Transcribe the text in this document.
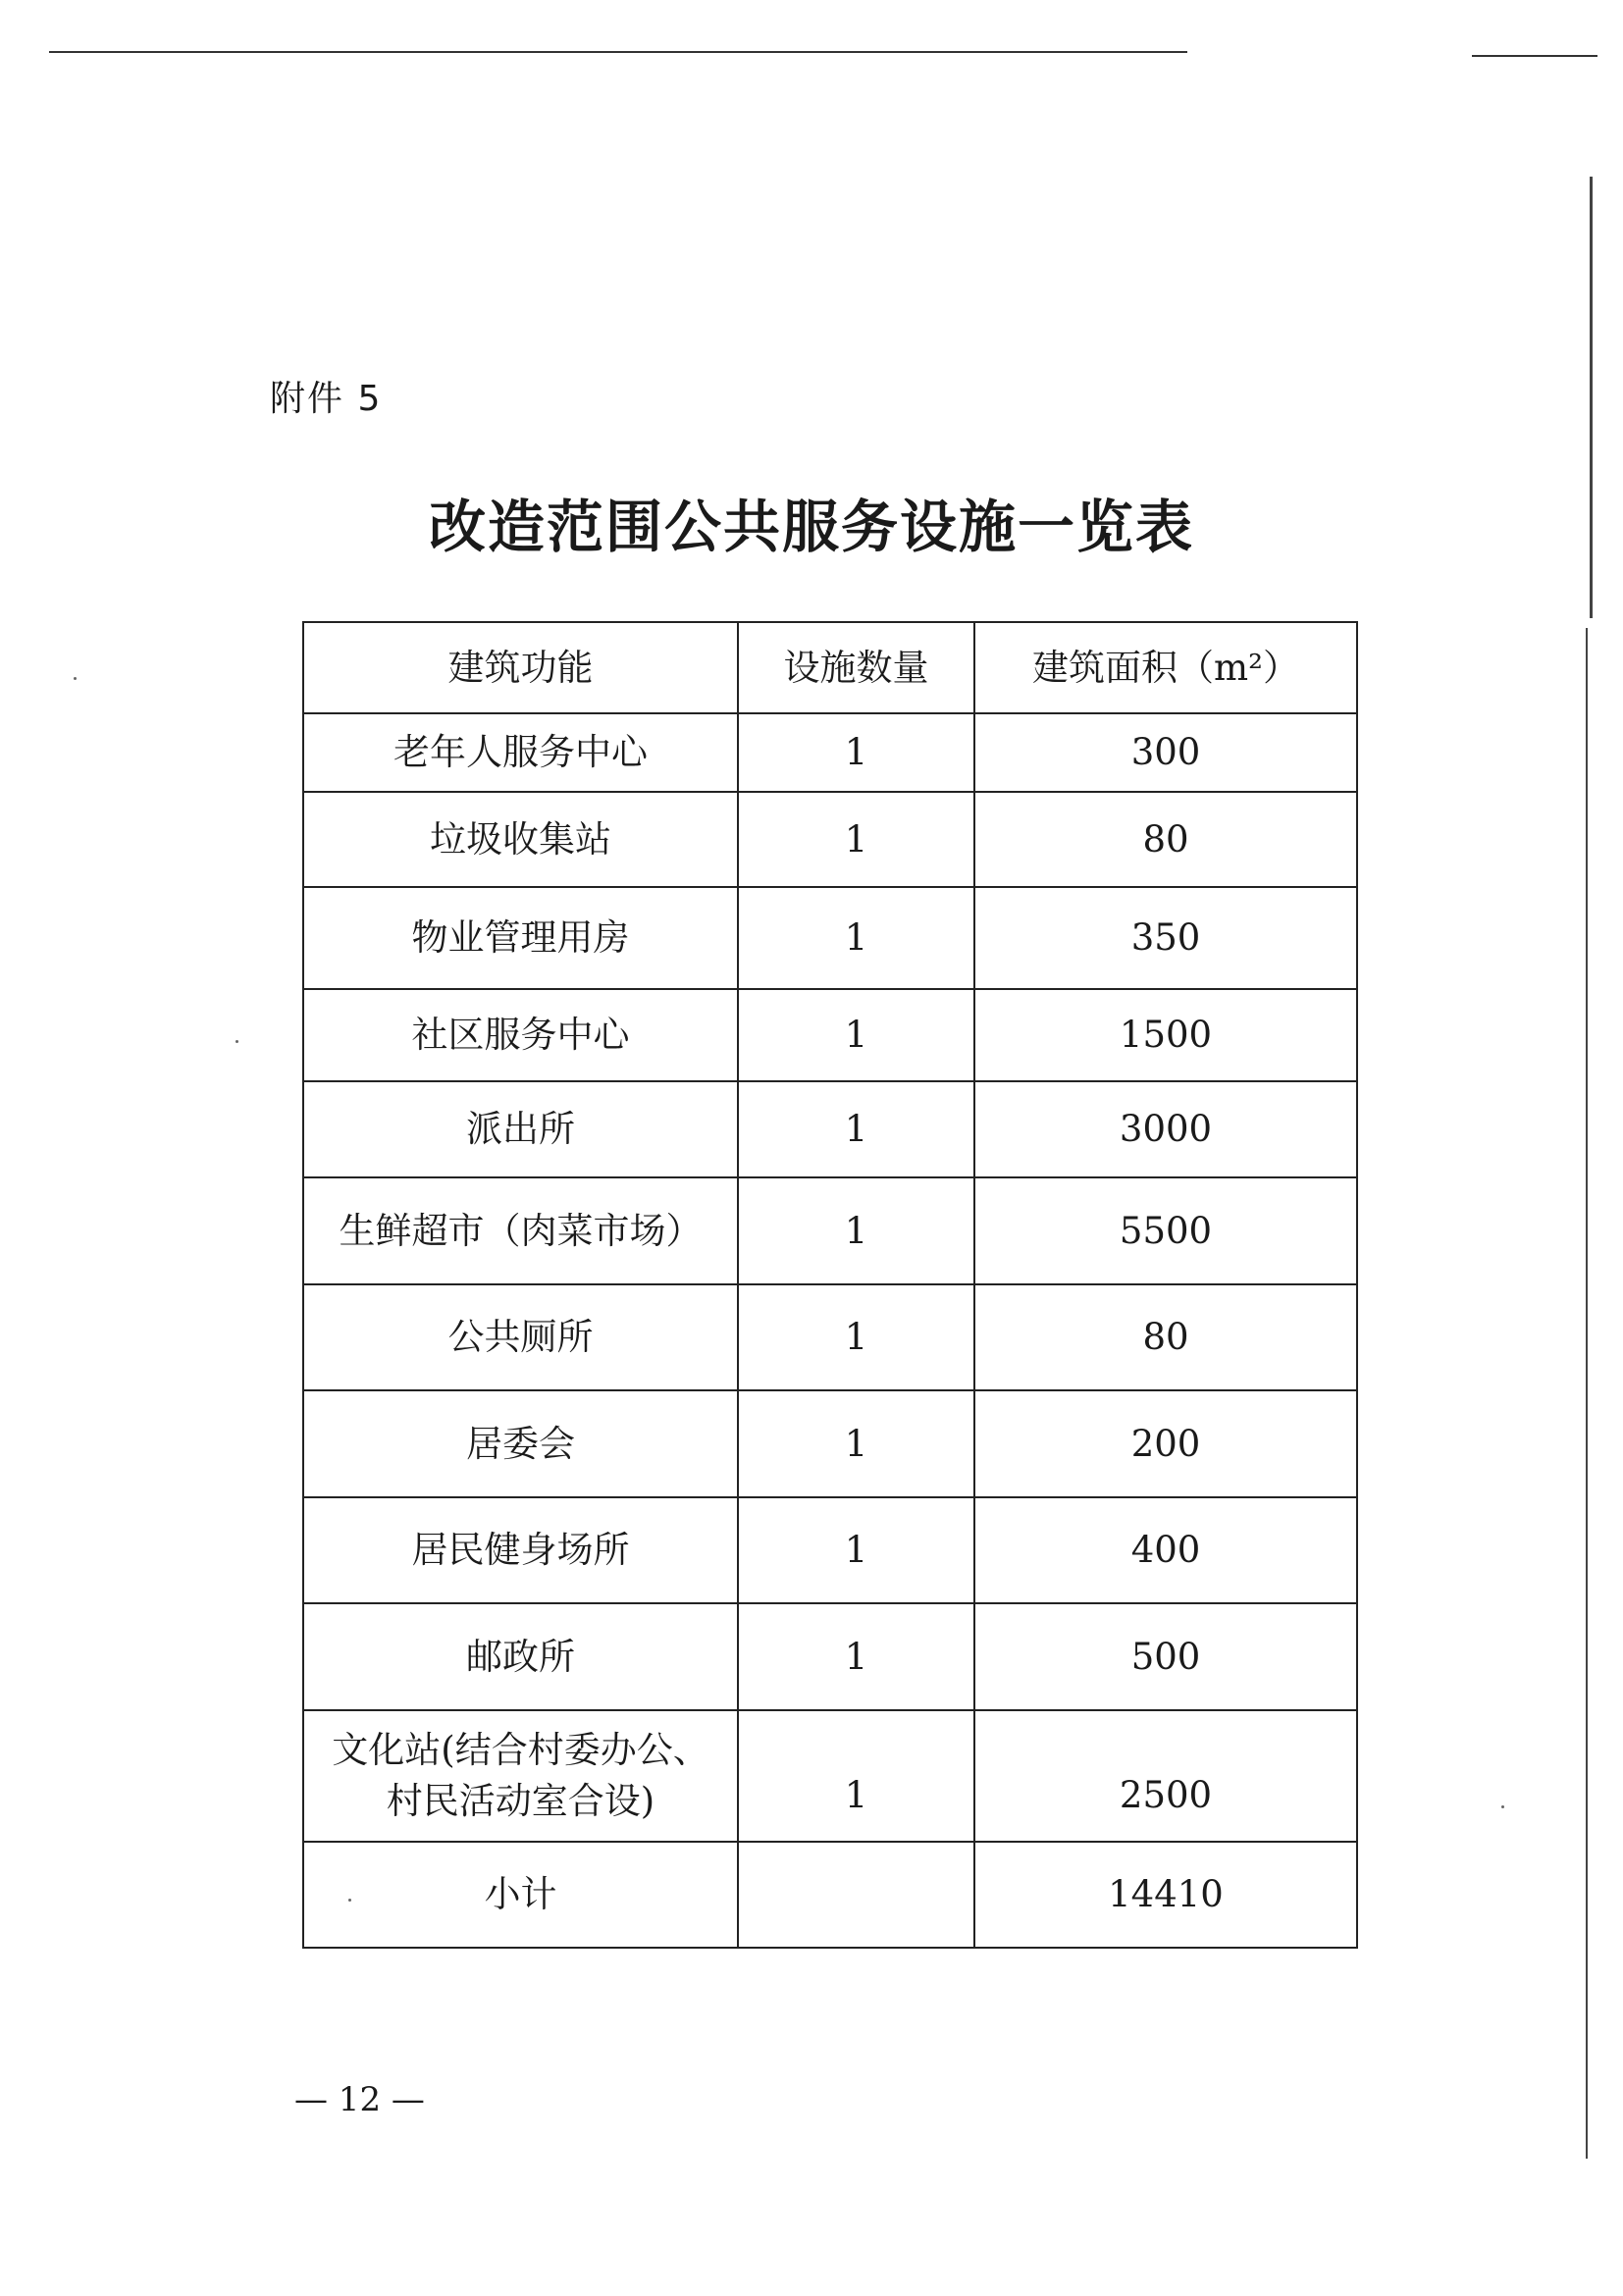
附件 5
改造范围公共服务设施一览表
建筑功能	设施数量	建筑面积（m²）
老年人服务中心	1	300
垃圾收集站	1	80
物业管理用房	1	350
社区服务中心	1	1500
派出所	1	3000
生鲜超市（肉菜市场）	1	5500
公共厕所	1	80
居委会	1	200
居民健身场所	1	400
邮政所	1	500
文化站(结合村委办公、
村民活动室合设)	1	2500
小计		14410
— 12 —
